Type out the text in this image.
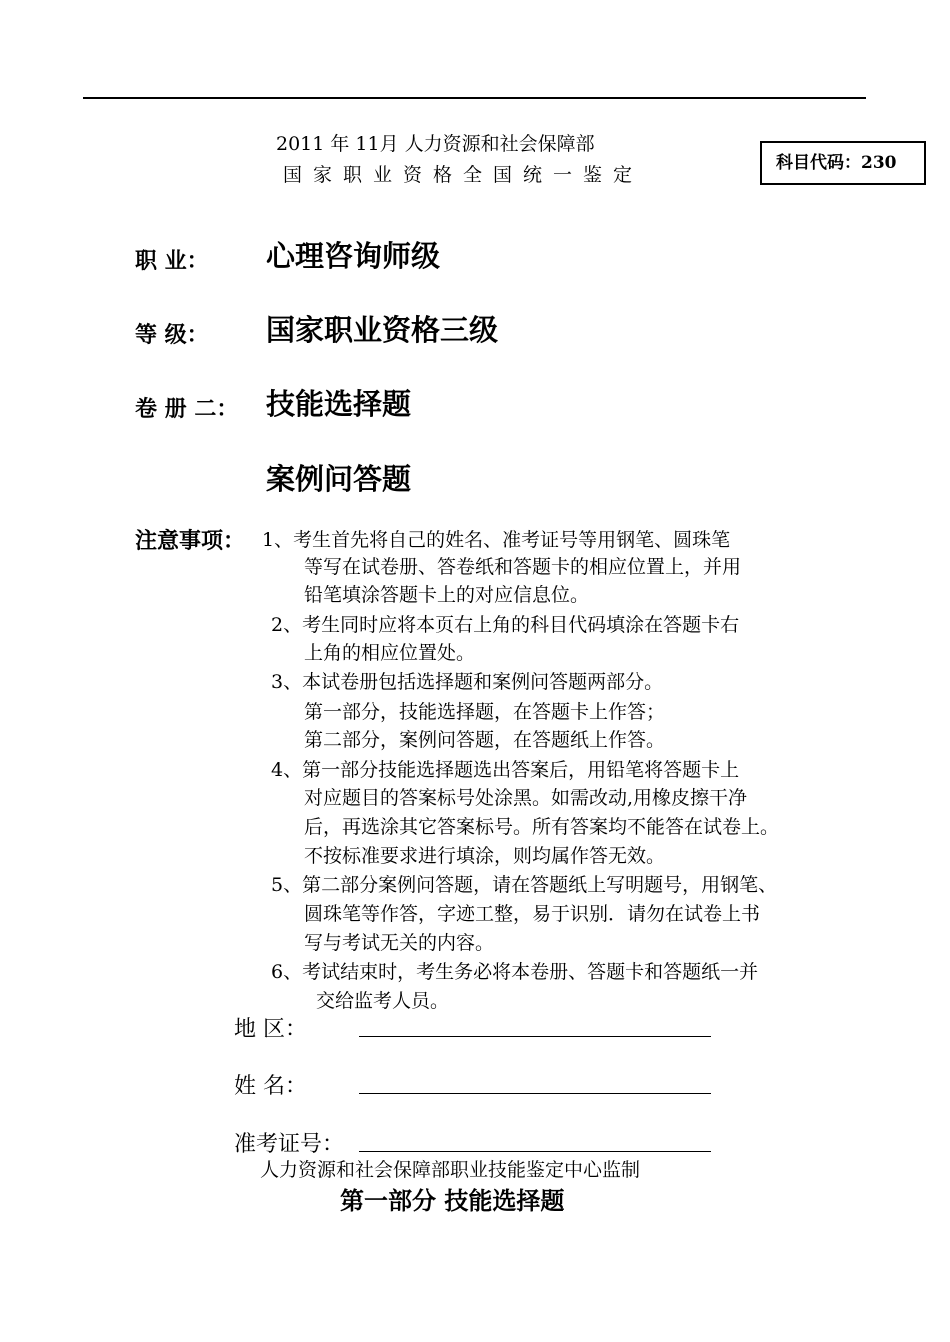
2011 年 11月 人力资源和社会保障部
国家职业资格全国统一鉴定
科目代码：230
职 业： 心理咨询师级
等 级： 国家职业资格三级
卷 册 二： 技能选择题
案例问答题
注意事项： 1、考生首先将自己的姓名、准考证号等用钢笔、圆珠笔
等写在试卷册、答卷纸和答题卡的相应位置上，并用
铅笔填涂答题卡上的对应信息位。
2、考生同时应将本页右上角的科目代码填涂在答题卡右
上角的相应位置处。
3、本试卷册包括选择题和案例问答题两部分。
第一部分，技能选择题，在答题卡上作答；
第二部分，案例问答题，在答题纸上作答。
4、第一部分技能选择题选出答案后，用铅笔将答题卡上
对应题目的答案标号处涂黑。如需改动,用橡皮擦干净
后，再选涂其它答案标号。所有答案均不能答在试卷上。
不按标准要求进行填涂，则均属作答无效。
5、第二部分案例问答题，请在答题纸上写明题号，用钢笔、
圆珠笔等作答，字迹工整，易于识别．请勿在试卷上书
写与考试无关的内容。
6、考试结束时，考生务必将本卷册、答题卡和答题纸一并
交给监考人员。
地 区：
姓 名：
准考证号：
人力资源和社会保障部职业技能鉴定中心监制
第一部分 技能选择题
